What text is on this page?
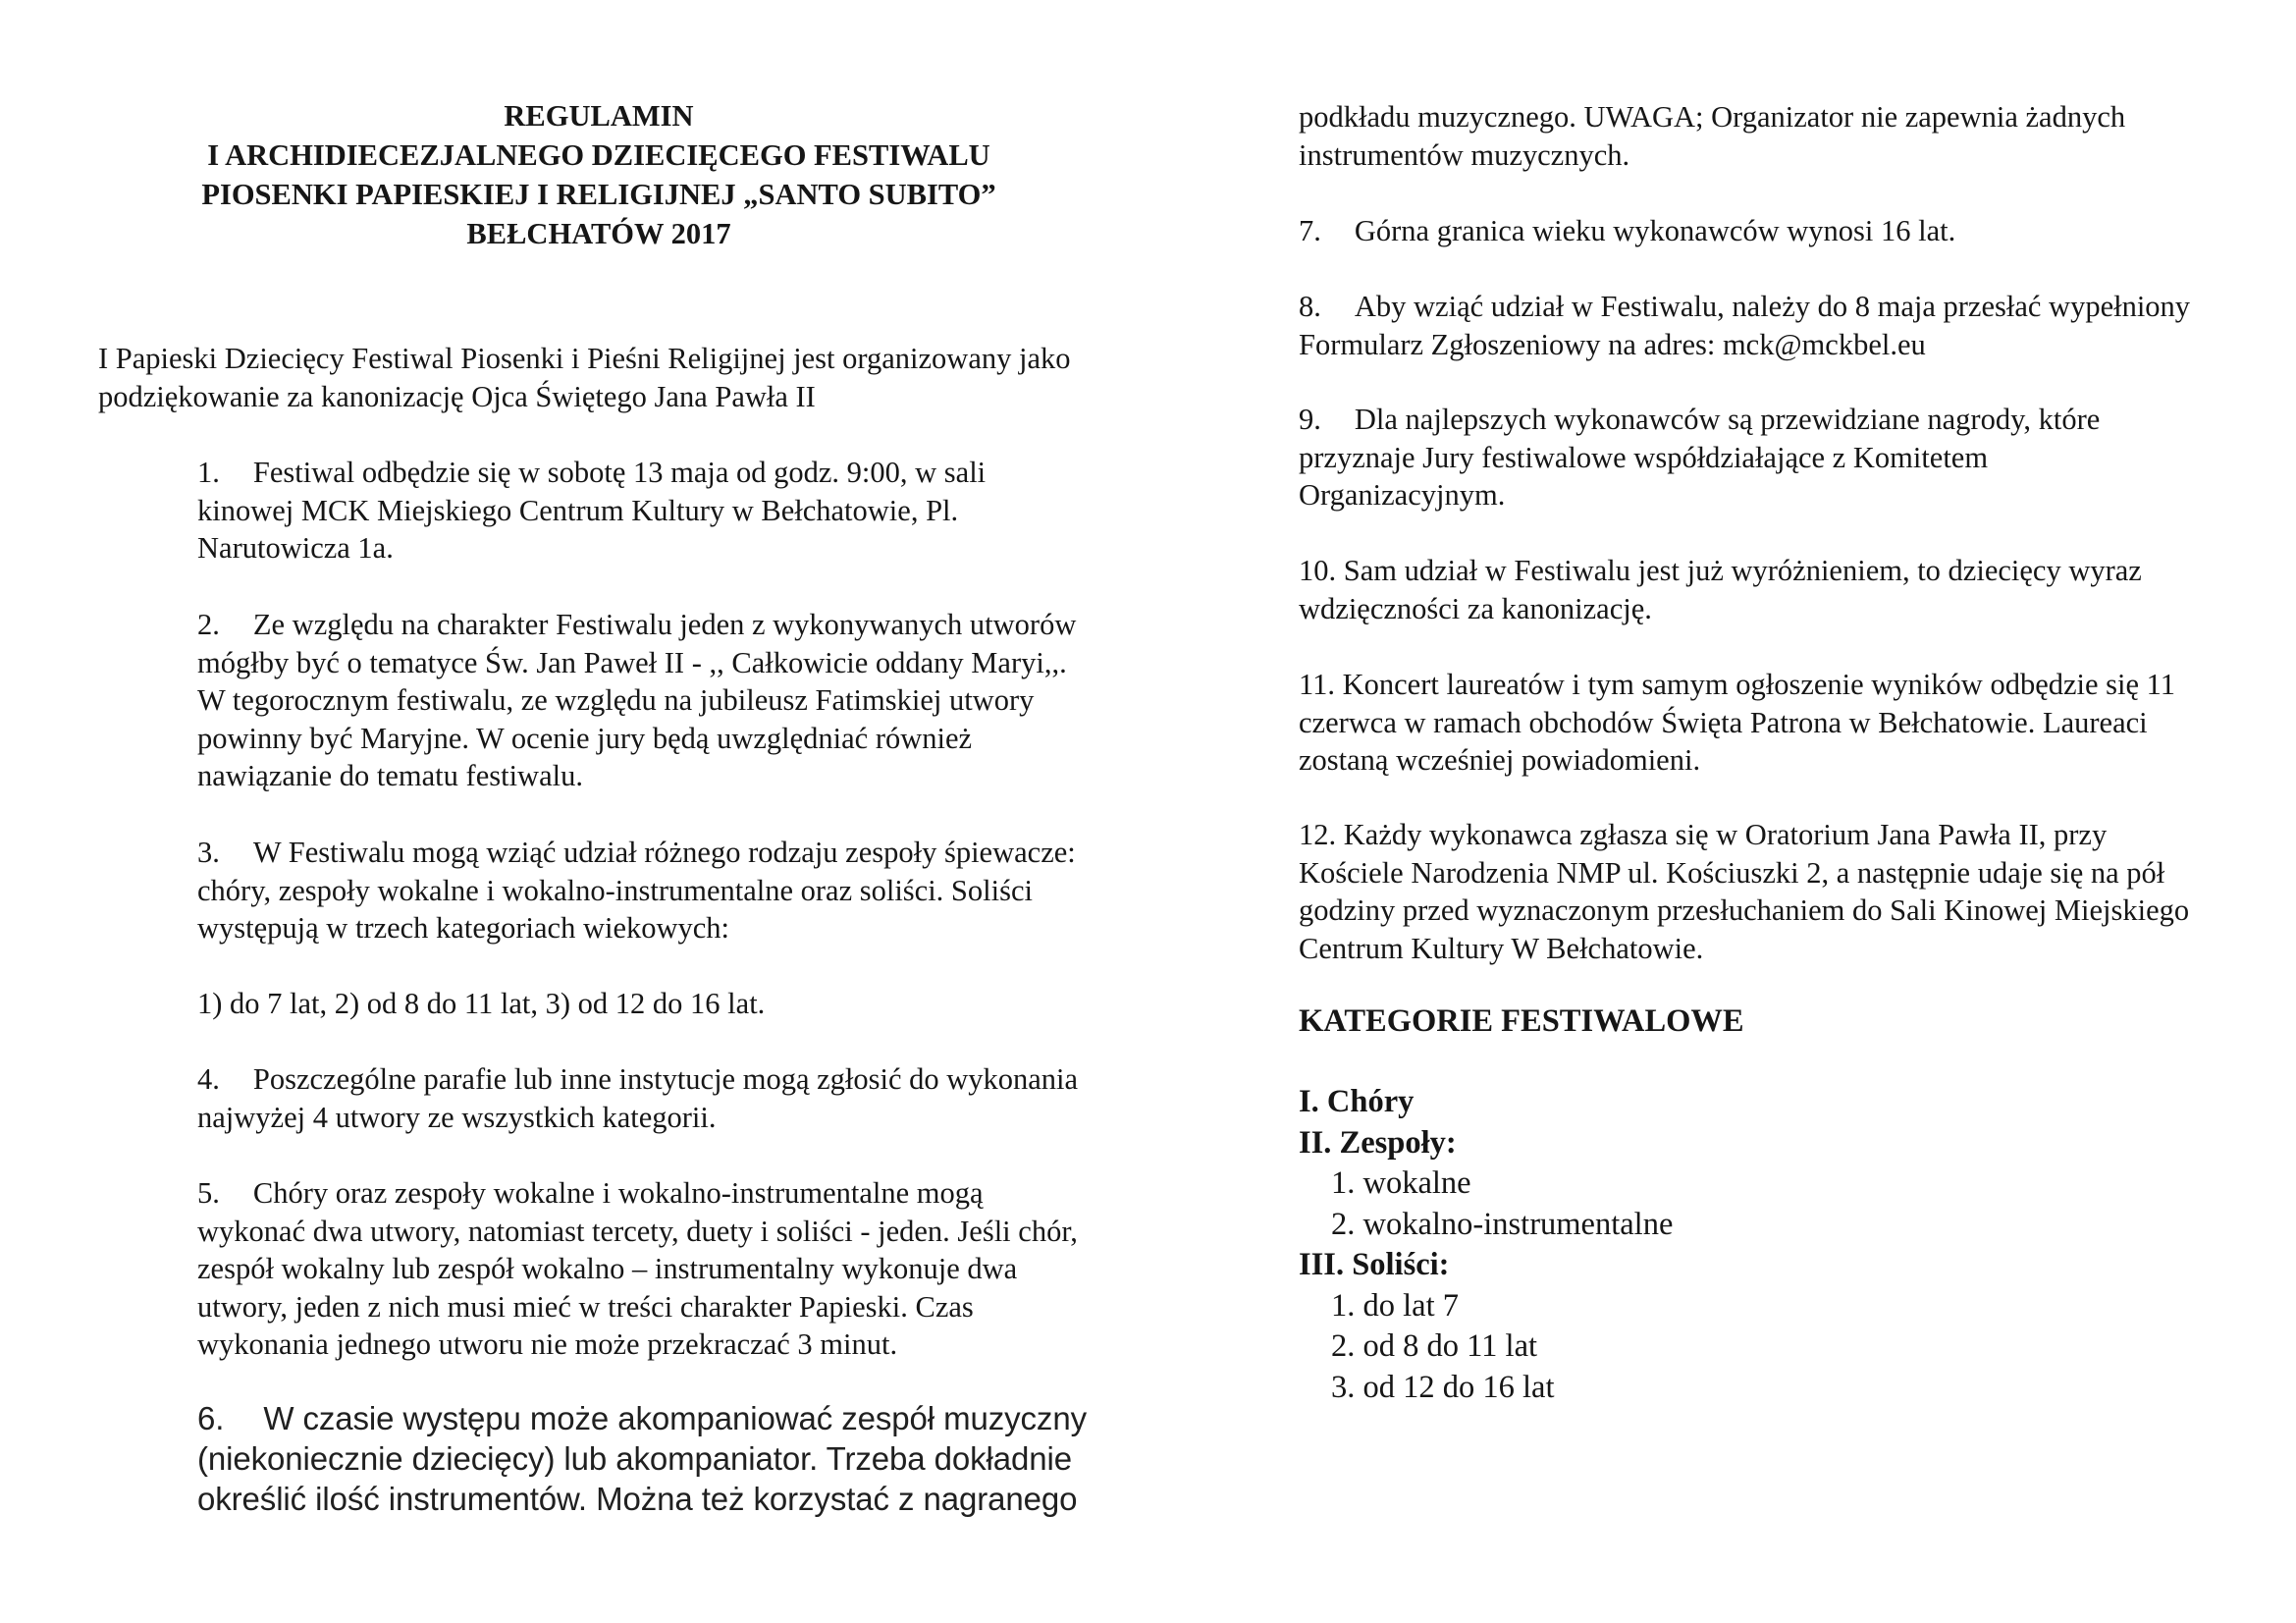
REGULAMIN
I ARCHIDIECEZJALNEGO DZIECIĘCEGO FESTIWALU
PIOSENKI PAPIESKIEJ I RELIGIJNEJ „SANTO SUBITO”
BEŁCHATÓW 2017
I Papieski Dziecięcy Festiwal Piosenki i Pieśni Religijnej jest organizowany jako
podziękowanie za kanonizację Ojca Świętego Jana Pawła II
1. Festiwal odbędzie się w sobotę 13 maja od godz. 9:00, w sali
kinowej MCK Miejskiego Centrum Kultury w Bełchatowie, Pl.
Narutowicza 1a.
2. Ze względu na charakter Festiwalu jeden z wykonywanych utworów
mógłby być o tematyce Św. Jan Paweł II - ,, Całkowicie oddany Maryi,,.
W tegorocznym festiwalu, ze względu na jubileusz Fatimskiej utwory
powinny być Maryjne. W ocenie jury będą uwzględniać również
nawiązanie do tematu festiwalu.
3. W Festiwalu mogą wziąć udział różnego rodzaju zespoły śpiewacze:
chóry, zespoły wokalne i wokalno-instrumentalne oraz soliści. Soliści
występują w trzech kategoriach wiekowych:
1) do 7 lat, 2) od 8 do 11 lat, 3) od 12 do 16 lat.
4. Poszczególne parafie lub inne instytucje mogą zgłosić do wykonania
najwyżej 4 utwory ze wszystkich kategorii.
5. Chóry oraz zespoły wokalne i wokalno-instrumentalne mogą
wykonać dwa utwory, natomiast tercety, duety i soliści - jeden. Jeśli chór,
zespół wokalny lub zespół wokalno – instrumentalny wykonuje dwa
utwory, jeden z nich musi mieć w treści charakter Papieski. Czas
wykonania jednego utworu nie może przekraczać 3 minut.
6. W czasie występu może akompaniować zespół muzyczny
(niekoniecznie dziecięcy) lub akompaniator. Trzeba dokładnie
określić ilość instrumentów. Można też korzystać z nagranego
podkładu muzycznego. UWAGA; Organizator nie zapewnia żadnych
instrumentów muzycznych.
7. Górna granica wieku wykonawców wynosi 16 lat.
8. Aby wziąć udział w Festiwalu, należy do 8 maja przesłać wypełniony
Formularz Zgłoszeniowy na adres: mck@mckbel.eu
9. Dla najlepszych wykonawców są przewidziane nagrody, które
przyznaje Jury festiwalowe współdziałające z Komitetem
Organizacyjnym.
10. Sam udział w Festiwalu jest już wyróżnieniem, to dziecięcy wyraz
wdzięczności za kanonizację.
11. Koncert laureatów i tym samym ogłoszenie wyników odbędzie się 11
czerwca w ramach obchodów Święta Patrona w Bełchatowie. Laureaci
zostaną wcześniej powiadomieni.
12. Każdy wykonawca zgłasza się w Oratorium Jana Pawła II, przy
Kościele Narodzenia NMP ul. Kościuszki 2, a następnie udaje się na pół
godziny przed wyznaczonym przesłuchaniem do Sali Kinowej Miejskiego
Centrum Kultury W Bełchatowie.
KATEGORIE FESTIWALOWE
I. Chóry
II. Zespoły:
1. wokalne
2. wokalno-instrumentalne
III. Soliści:
1. do lat 7
2. od 8 do 11 lat
3. od 12 do 16 lat
